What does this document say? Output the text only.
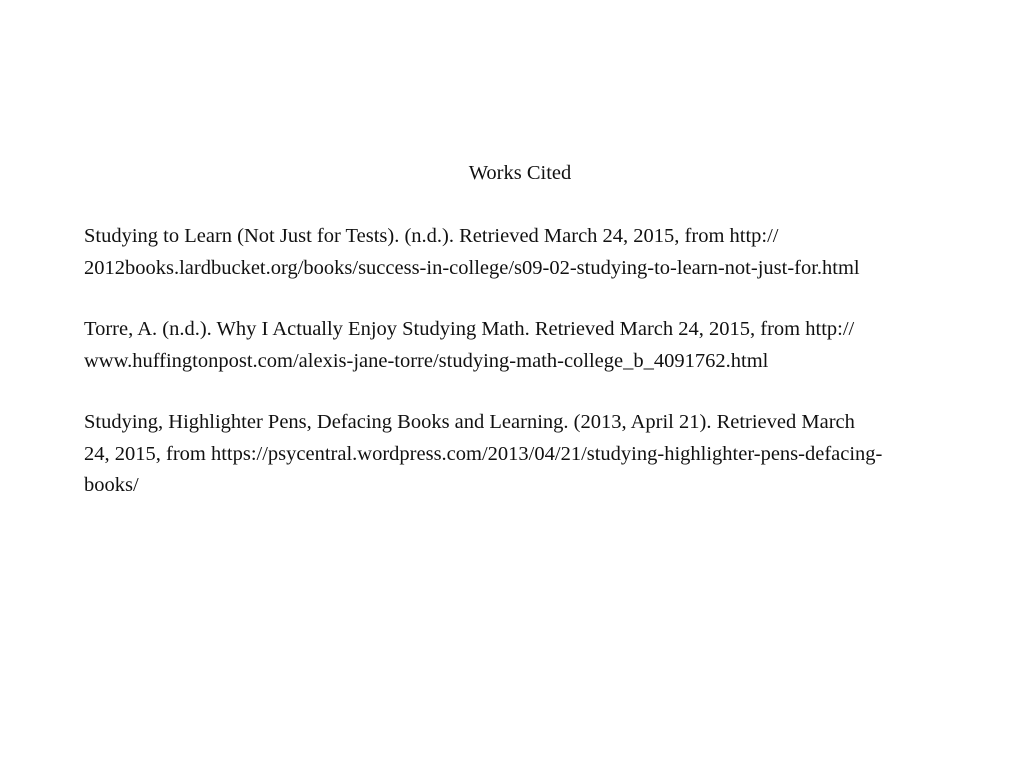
Works Cited
Studying to Learn (Not Just for Tests). (n.d.). Retrieved March 24, 2015, from http://
2012books.lardbucket.org/books/success-in-college/s09-02-studying-to-learn-not-just-for.html
Torre, A. (n.d.). Why I Actually Enjoy Studying Math. Retrieved March 24, 2015, from http://
www.huffingtonpost.com/alexis-jane-torre/studying-math-college_b_4091762.html
Studying, Highlighter Pens, Defacing Books and Learning. (2013, April 21). Retrieved March
24, 2015, from https://psycentral.wordpress.com/2013/04/21/studying-highlighter-pens-defacing-
books/
